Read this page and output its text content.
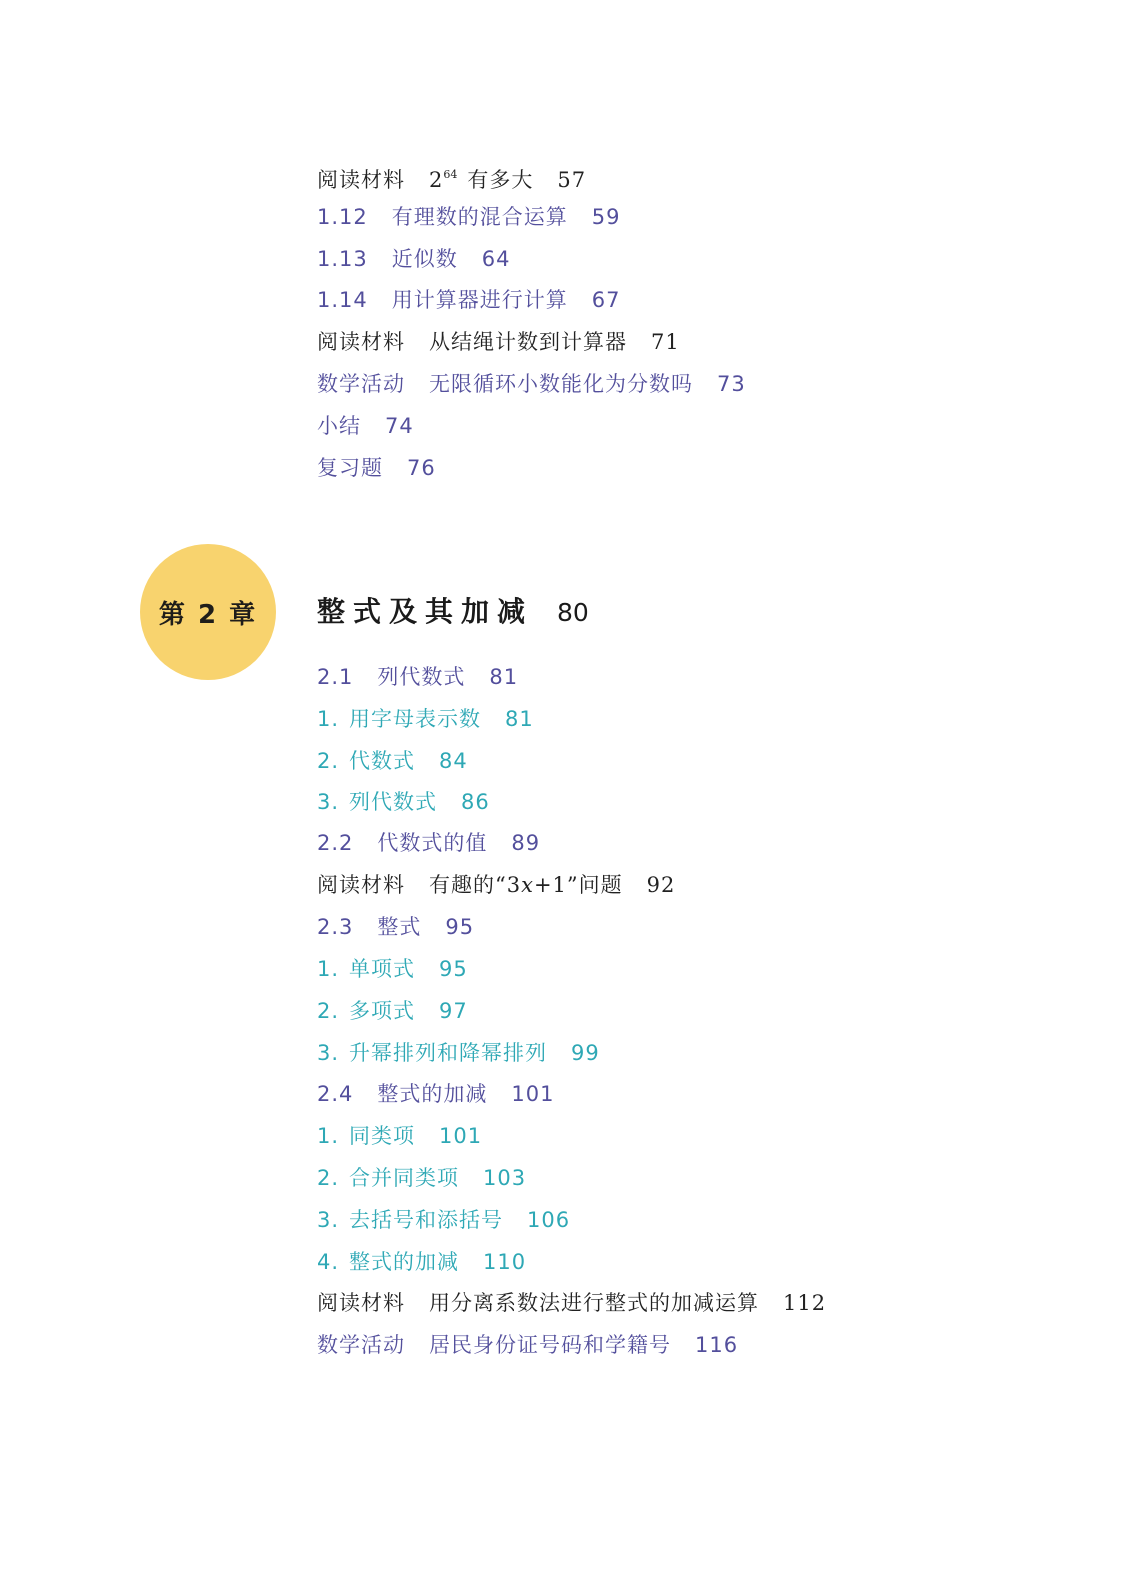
阅读材料 $2^{64}$ 有多大 57
1.12 有理数的混合运算 59
1.13 近似数 64
1.14 用计算器进行计算 67
阅读材料 从结绳计数到计算器 71
数学活动 无限循环小数能化为分数吗 73
小结 74
复习题 76
第 2 章 整式及其加减 80
2.1 列代数式 81
1. 用字母表示数 81
2. 代数式 84
3. 列代数式 86
2.2 代数式的值 89
阅读材料 有趣的“3x+1”问题 92
2.3 整式 95
1. 单项式 95
2. 多项式 97
3. 升幂排列和降幂排列 99
2.4 整式的加减 101
1. 同类项 101
2. 合并同类项 103
3. 去括号和添括号 106
4. 整式的加减 110
阅读材料 用分离系数法进行整式的加减运算 112
数学活动 居民身份证号码和学籍号 116
